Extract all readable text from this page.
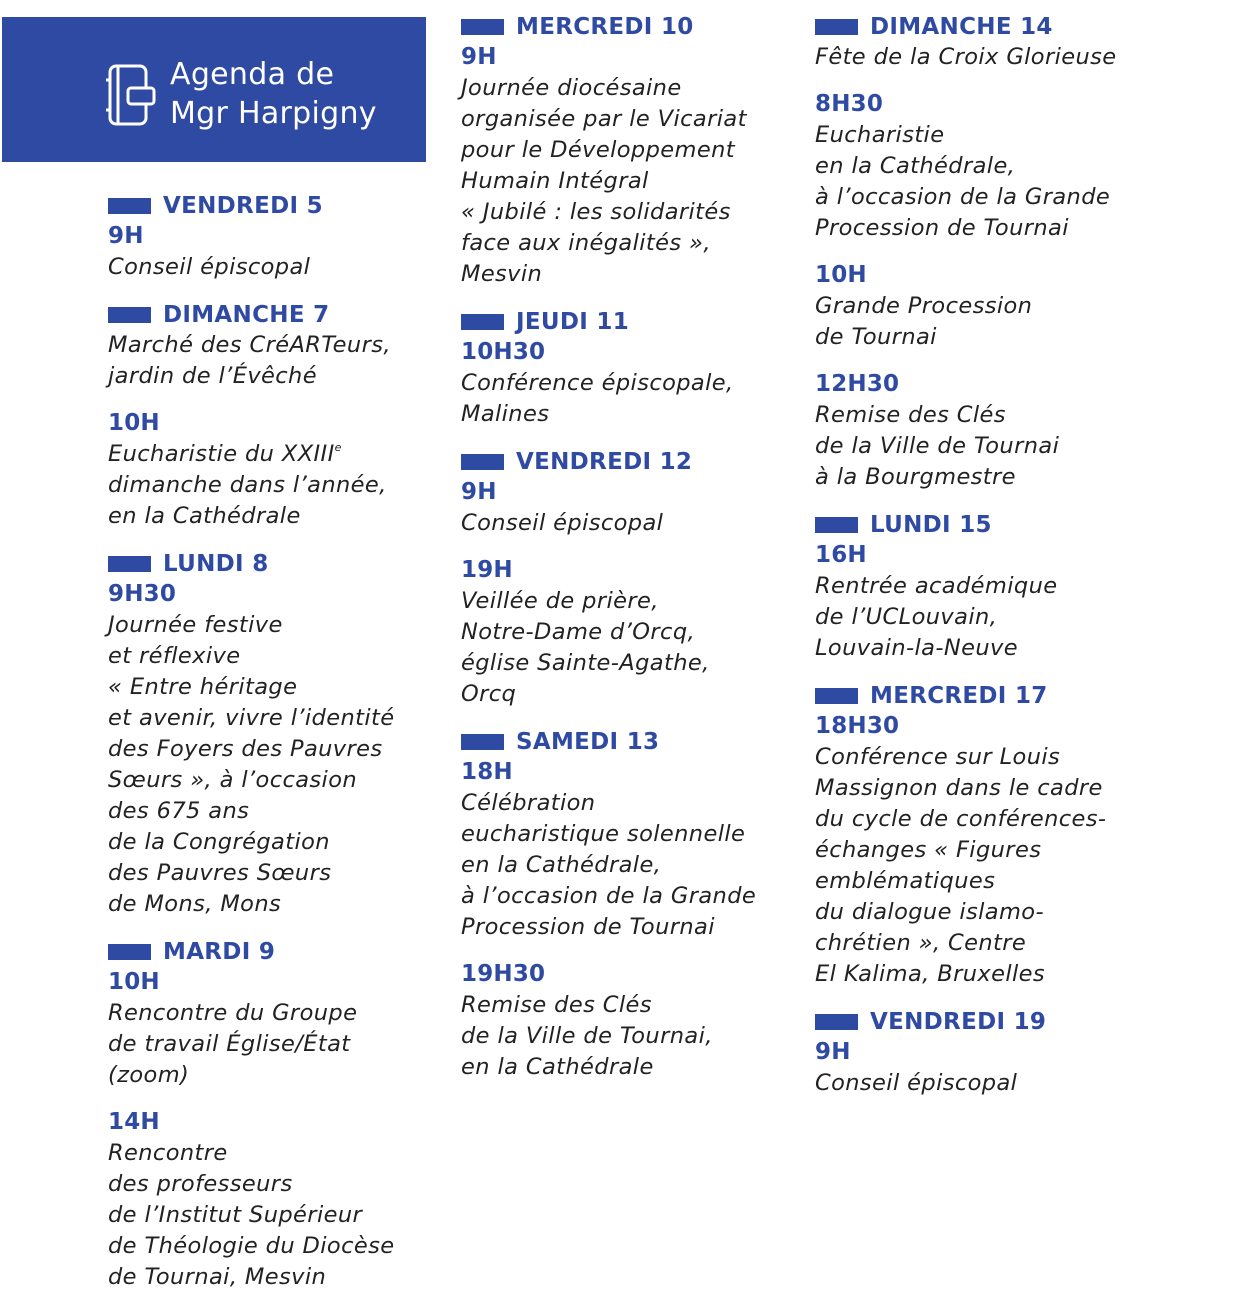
Agenda de
Mgr Harpigny
VENDREDI 5
9H
Conseil épiscopal
DIMANCHE 7
Marché des CréARTeurs,
jardin de l’Évêché
10H
Eucharistie du XXIIIe
dimanche dans l’année,
en la Cathédrale
LUNDI 8
9H30
Journée festive
et réflexive
« Entre héritage
et avenir, vivre l’identité
des Foyers des Pauvres
Sœurs », à l’occasion
des 675 ans
de la Congrégation
des Pauvres Sœurs
de Mons, Mons
MARDI 9
10H
Rencontre du Groupe
de travail Église/État
(zoom)
14H
Rencontre
des professeurs
de l’Institut Supérieur
de Théologie du Diocèse
de Tournai, Mesvin
MERCREDI 10
9H
Journée diocésaine
organisée par le Vicariat
pour le Développement
Humain Intégral
« Jubilé : les solidarités
face aux inégalités »,
Mesvin
JEUDI 11
10H30
Conférence épiscopale,
Malines
VENDREDI 12
9H
Conseil épiscopal
19H
Veillée de prière,
Notre-Dame d’Orcq,
église Sainte-Agathe,
Orcq
SAMEDI 13
18H
Célébration
eucharistique solennelle
en la Cathédrale,
à l’occasion de la Grande
Procession de Tournai
19H30
Remise des Clés
de la Ville de Tournai,
en la Cathédrale
DIMANCHE 14
Fête de la Croix Glorieuse
8H30
Eucharistie
en la Cathédrale,
à l’occasion de la Grande
Procession de Tournai
10H
Grande Procession
de Tournai
12H30
Remise des Clés
de la Ville de Tournai
à la Bourgmestre
LUNDI 15
16H
Rentrée académique
de l’UCLouvain,
Louvain-la-Neuve
MERCREDI 17
18H30
Conférence sur Louis
Massignon dans le cadre
du cycle de conférences-
échanges « Figures
emblématiques
du dialogue islamo-
chrétien », Centre
El Kalima, Bruxelles
VENDREDI 19
9H
Conseil épiscopal
